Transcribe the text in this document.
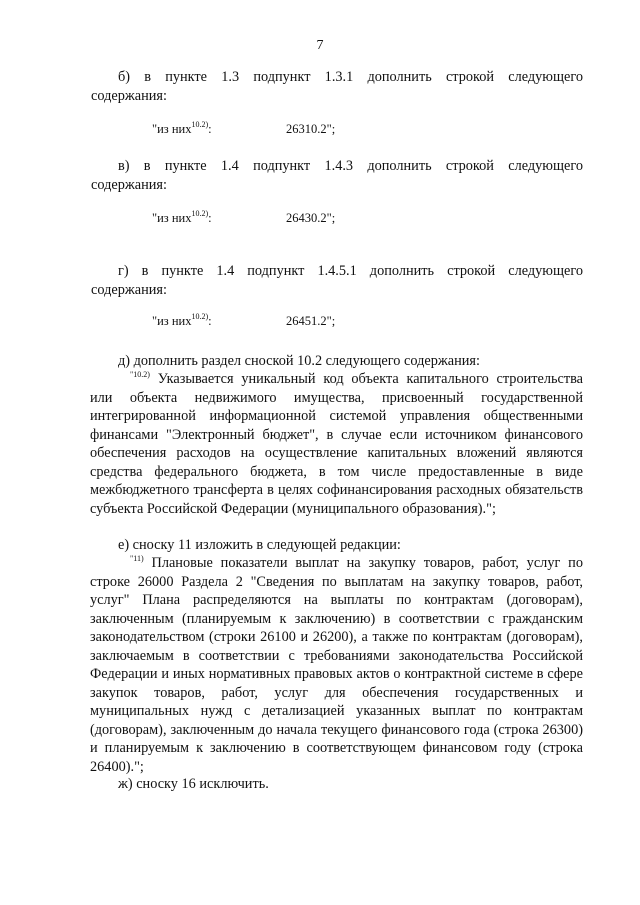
7
б) в пункте 1.3 подпункт 1.3.1 дополнить строкой следующего

содержания:
"из них$^{10.2)}$:	26310.2";
в) в пункте 1.4 подпункт 1.4.3 дополнить строкой следующего

содержания:
"из них$^{10.2)}$:	26430.2";
г) в пункте 1.4 подпункт 1.4.5.1 дополнить строкой следующего

содержания:
"из них$^{10.2)}$:	26451.2";
д) дополнить раздел сноской 10.2 следующего содержания:
$^{"10.2)}$ Указывается уникальный код объекта капитального строительства или объекта недвижимого имущества, присвоенный государственной интегрированной информационной системой управления общественными финансами "Электронный бюджет", в случае если источником финансового обеспечения расходов на осуществление капитальных вложений являются средства федерального бюджета, в том числе предоставленные в виде межбюджетного трансферта в целях софинансирования расходных обязательств субъекта Российской Федерации (муниципального образования).";
е) сноску 11 изложить в следующей редакции:
$^{"11)}$ Плановые показатели выплат на закупку товаров, работ, услуг по строке 26000 Раздела 2 "Сведения по выплатам на закупку товаров, работ, услуг" Плана распределяются на выплаты по контрактам (договорам), заключенным (планируемым к заключению) в соответствии с гражданским законодательством (строки 26100 и 26200), а также по контрактам (договорам), заключаемым в соответствии с требованиями законодательства Российской Федерации и иных нормативных правовых актов о контрактной системе в сфере закупок товаров, работ, услуг для обеспечения государственных и муниципальных нужд с детализацией указанных выплат по контрактам (договорам), заключенным до начала текущего финансового года (строка 26300) и планируемым к заключению в соответствующем финансовом году (строка 26400).";
ж) сноску 16 исключить.
